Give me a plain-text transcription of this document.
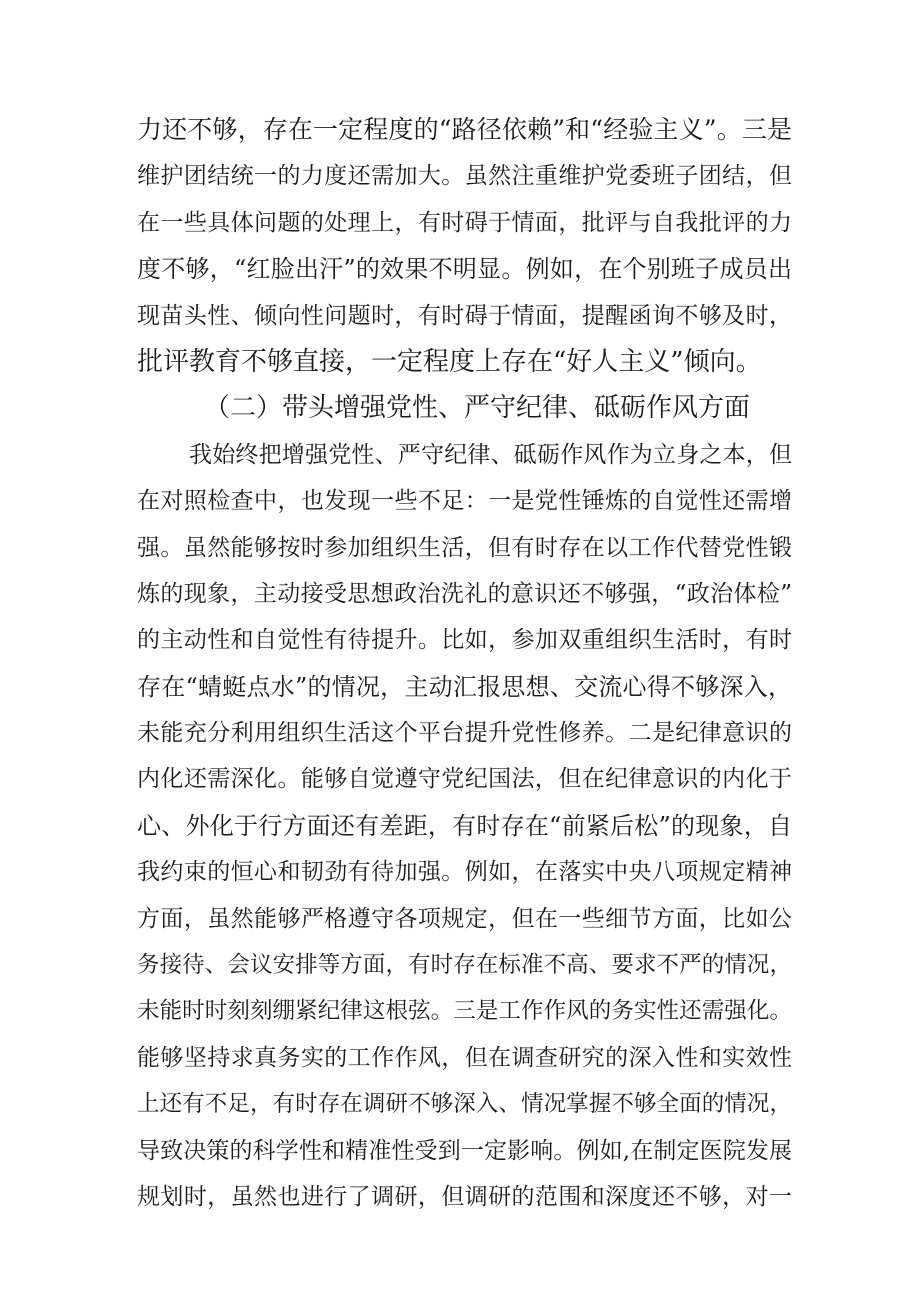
力还不够，存在一定程度的“路径依赖”和“经验主义”。三是
维护团结统一的力度还需加大。虽然注重维护党委班子团结，但
在一些具体问题的处理上，有时碍于情面，批评与自我批评的力
度不够，“红脸出汗”的效果不明显。例如，在个别班子成员出
现苗头性、倾向性问题时，有时碍于情面，提醒函询不够及时，
批评教育不够直接，一定程度上存在“好人主义”倾向。
（二）带头增强党性、严守纪律、砥砺作风方面
我始终把增强党性、严守纪律、砥砺作风作为立身之本，但
在对照检查中，也发现一些不足：一是党性锤炼的自觉性还需增
强。虽然能够按时参加组织生活，但有时存在以工作代替党性锻
炼的现象，主动接受思想政治洗礼的意识还不够强，“政治体检”
的主动性和自觉性有待提升。比如，参加双重组织生活时，有时
存在“蜻蜓点水”的情况，主动汇报思想、交流心得不够深入，
未能充分利用组织生活这个平台提升党性修养。二是纪律意识的
内化还需深化。能够自觉遵守党纪国法，但在纪律意识的内化于
心、外化于行方面还有差距，有时存在“前紧后松”的现象，自
我约束的恒心和韧劲有待加强。例如，在落实中央八项规定精神
方面，虽然能够严格遵守各项规定，但在一些细节方面，比如公
务接待、会议安排等方面，有时存在标准不高、要求不严的情况，
未能时时刻刻绷紧纪律这根弦。三是工作作风的务实性还需强化。
能够坚持求真务实的工作作风，但在调查研究的深入性和实效性
上还有不足，有时存在调研不够深入、情况掌握不够全面的情况，
导致决策的科学性和精准性受到一定影响。例如,在制定医院发展
规划时，虽然也进行了调研，但调研的范围和深度还不够，对一
